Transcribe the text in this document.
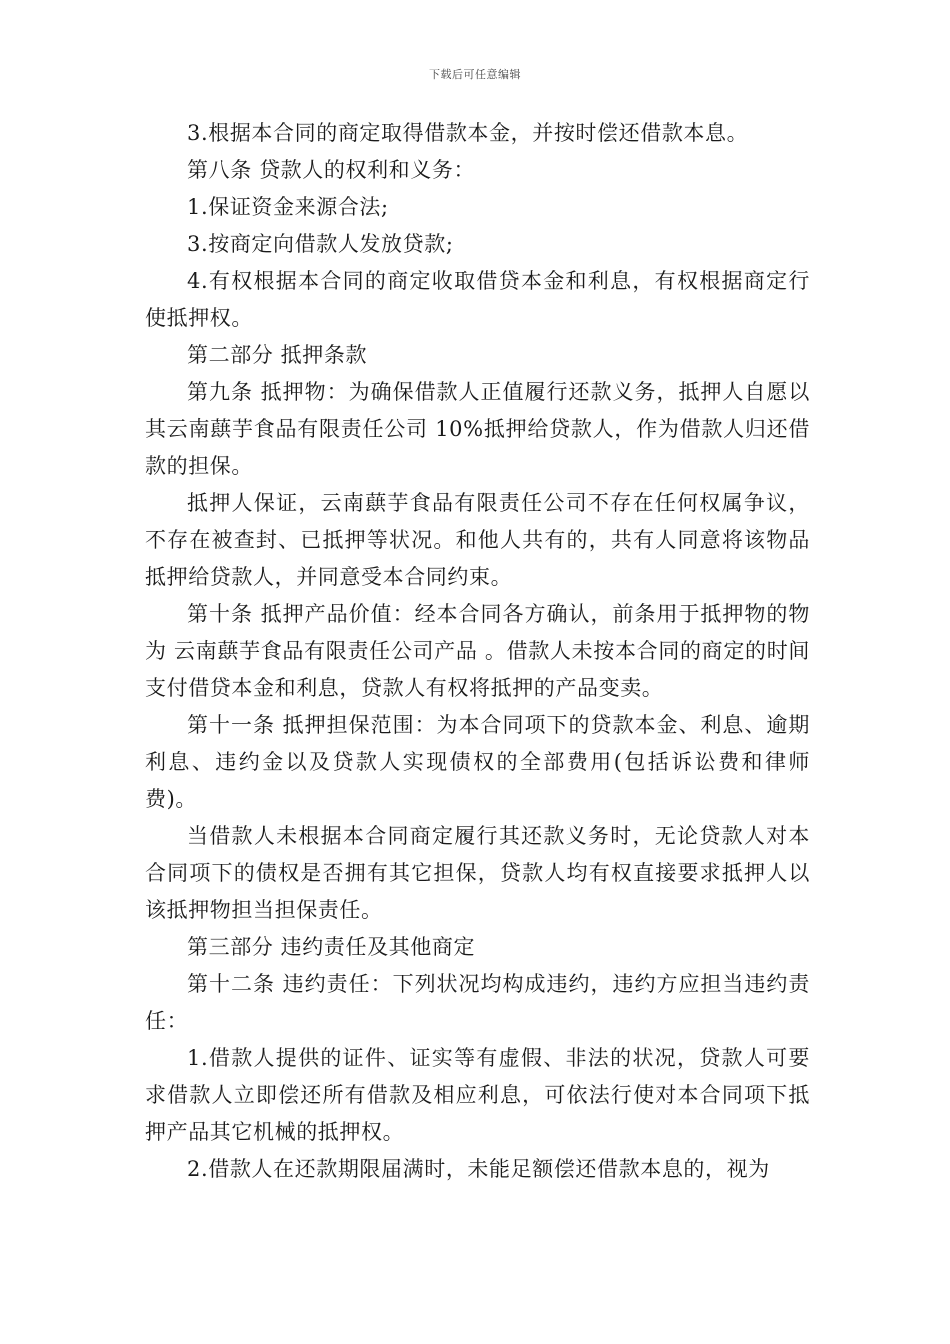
下载后可任意编辑

3.根据本合同的商定取得借款本金，并按时偿还借款本息。

第八条 贷款人的权利和义务：

1.保证资金来源合法;

3.按商定向借款人发放贷款;

4.有权根据本合同的商定收取借贷本金和利息，有权根据商定行使抵押权。

第二部分 抵押条款

第九条 抵押物：为确保借款人正值履行还款义务，抵押人自愿以其云南蕻芋食品有限责任公司 10%抵押给贷款人，作为借款人归还借款的担保。

抵押人保证，云南蕻芋食品有限责任公司不存在任何权属争议，不存在被查封、已抵押等状况。和他人共有的，共有人同意将该物品抵押给贷款人，并同意受本合同约束。

第十条 抵押产品价值：经本合同各方确认，前条用于抵押物的物为 云南蕻芋食品有限责任公司产品 。借款人未按本合同的商定的时间支付借贷本金和利息，贷款人有权将抵押的产品变卖。

第十一条 抵押担保范围：为本合同项下的贷款本金、利息、逾期利息、违约金以及贷款人实现债权的全部费用(包括诉讼费和律师费)。

当借款人未根据本合同商定履行其还款义务时，无论贷款人对本合同项下的债权是否拥有其它担保，贷款人均有权直接要求抵押人以该抵押物担当担保责任。

第三部分 违约责任及其他商定

第十二条 违约责任：下列状况均构成违约，违约方应担当违约责任：

1.借款人提供的证件、证实等有虚假、非法的状况，贷款人可要求借款人立即偿还所有借款及相应利息，可依法行使对本合同项下抵押产品其它机械的抵押权。

2.借款人在还款期限届满时，未能足额偿还借款本息的，视为
